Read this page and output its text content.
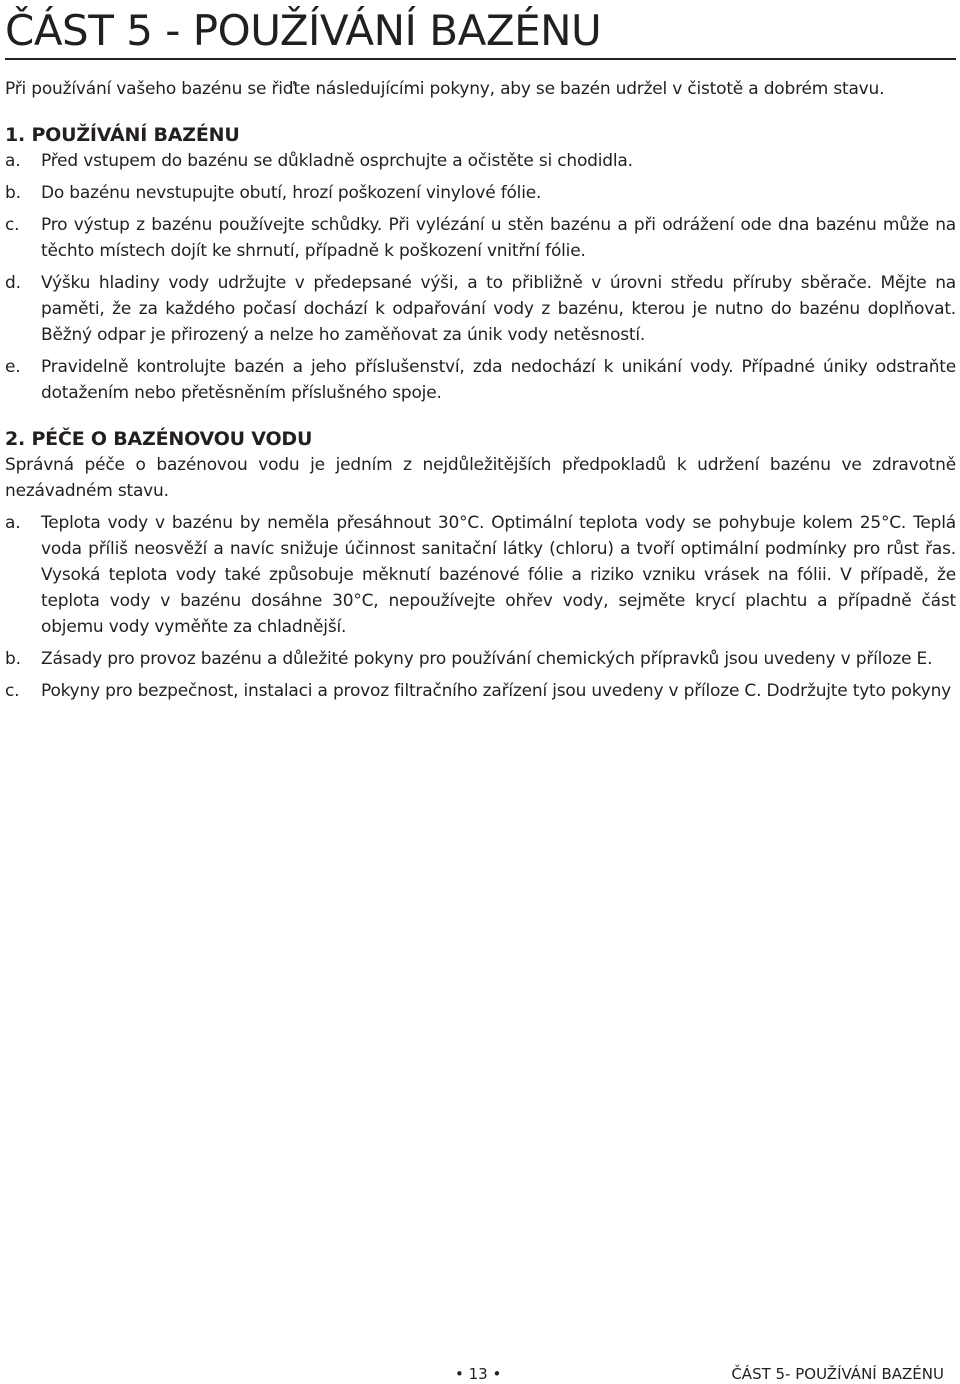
ČÁST 5 - POUŽÍVÁNÍ BAZÉNU

Při používání vašeho bazénu se řiďte následujícími pokyny, aby se bazén udržel v čistotě a dobrém stavu.

1. POUŽÍVÁNÍ BAZÉNU
a.	Před vstupem do bazénu se důkladně osprchujte a očistěte si chodidla.
b.	Do bazénu nevstupujte obutí, hrozí poškození vinylové fólie.
c.	Pro výstup z bazénu používejte schůdky. Při vylézání u stěn bazénu a při odrážení ode dna bazénu může na těchto místech dojít ke shrnutí, případně k poškození vnitřní fólie.
d.	Výšku hladiny vody udržujte v předepsané výši, a to přibližně v úrovni středu příruby sběrače. Mějte na paměti, že za každého počasí dochází k odpařování vody z bazénu, kterou je nutno do bazénu doplňovat. Běžný odpar je přirozený a nelze ho zaměňovat za únik vody netěsností.
e.	Pravidelně kontrolujte bazén a jeho příslušenství, zda nedochází k unikání vody. Případné úniky odstraňte dotažením nebo přetěsněním příslušného spoje.
2. PÉČE O BAZÉNOVOU VODU

Správná péče o bazénovou vodu je jedním z nejdůležitějších předpokladů k udržení bazénu ve zdravotně nezávadném stavu.

a.	Teplota vody v bazénu by neměla přesáhnout 30°C. Optimální teplota vody se pohybuje kolem 25°C. Teplá voda příliš neosvěží a navíc snižuje účinnost sanitační látky (chloru) a tvoří optimální podmínky pro růst řas. Vysoká teplota vody také způsobuje měknutí bazénové fólie a riziko vzniku vrásek na fólii. V případě, že teplota vody v bazénu dosáhne 30°C, nepoužívejte ohřev vody, sejměte krycí plachtu a případně část objemu vody vyměňte za chladnější.
b.	Zásady pro provoz bazénu a důležité pokyny pro používání chemických přípravků jsou uvedeny v příloze E.
c.	Pokyny pro bezpečnost, instalaci a provoz filtračního zařízení jsou uvedeny v příloze C. Dodržujte tyto pokyny
• 13 •	ČÁST 5- POUŽÍVÁNÍ BAZÉNU
